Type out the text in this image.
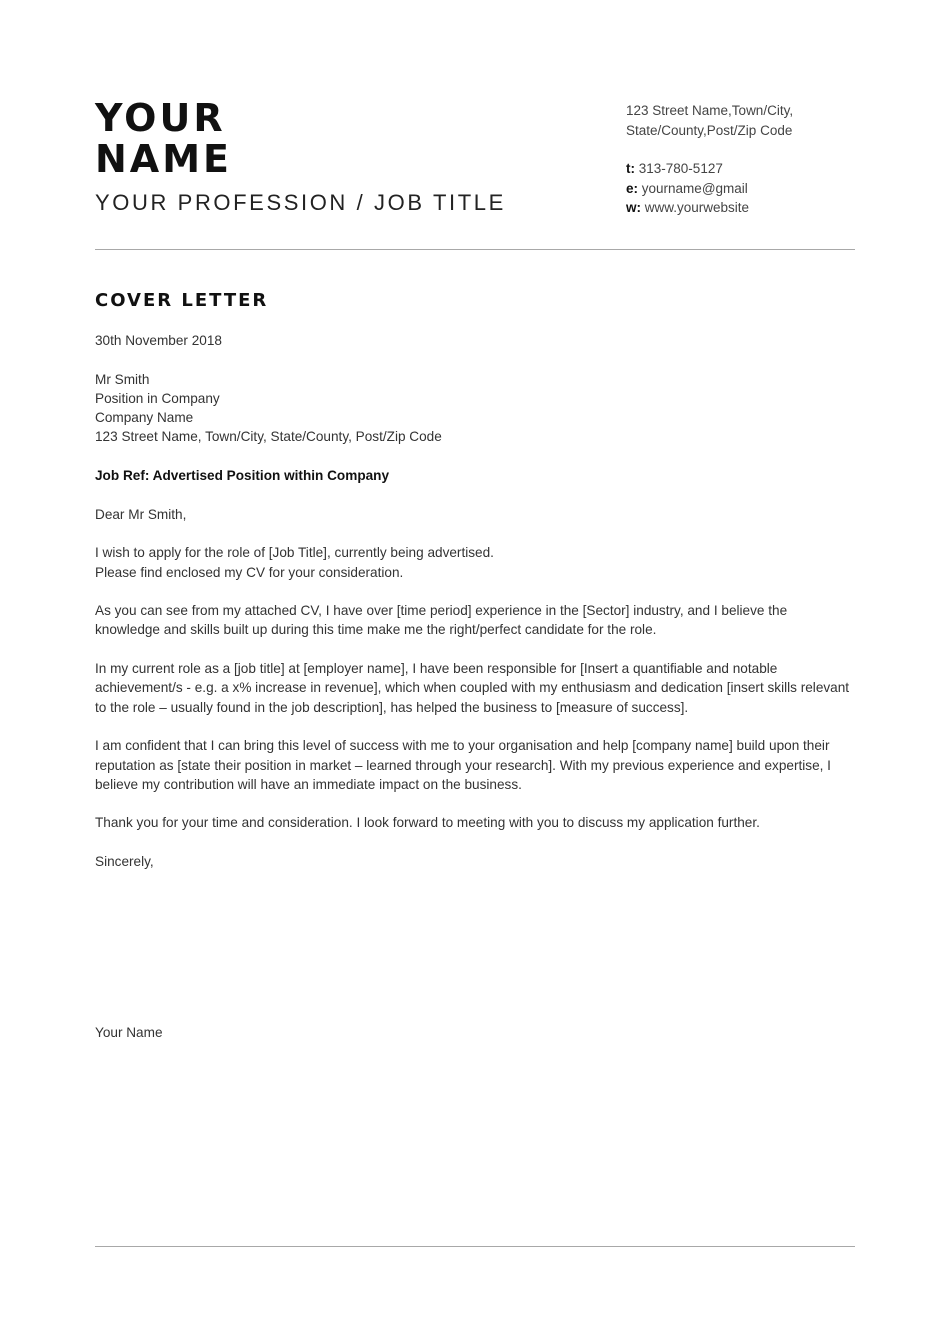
YOUR
NAME
YOUR PROFESSION / JOB TITLE
123 Street Name,Town/City,
State/County,Post/Zip Code
t: 313-780-5127
e: yourname@gmail
w: www.yourwebsite
COVER LETTER

30th November 2018

Mr Smith
Position in Company
Company Name

123 Street Name, Town/City, State/County, Post/Zip Code

Job Ref: Advertised Position within Company

Dear Mr Smith,

I wish to apply for the role of [Job Title], currently being advertised.

Please find enclosed my CV for your consideration.

As you can see from my attached CV, I have over [time period] experience in the [Sector] industry, and I believe the knowledge and skills built up during this time make me the right/perfect candidate for the role.

In my current role as a [job title] at [employer name], I have been responsible for [Insert a quantifiable and notable achievement/s - e.g. a x% increase in revenue], which when coupled with my enthusiasm and dedication [insert skills relevant to the role – usually found in the job description], has helped the business to [measure of success].

I am confident that I can bring this level of success with me to your organisation and help [company name] build upon their reputation as [state their position in market – learned through your research]. With my previous experience and expertise, I believe my contribution will have an immediate impact on the business.

Thank you for your time and consideration. I look forward to meeting with you to discuss my application further.

Sincerely,

Your Name
